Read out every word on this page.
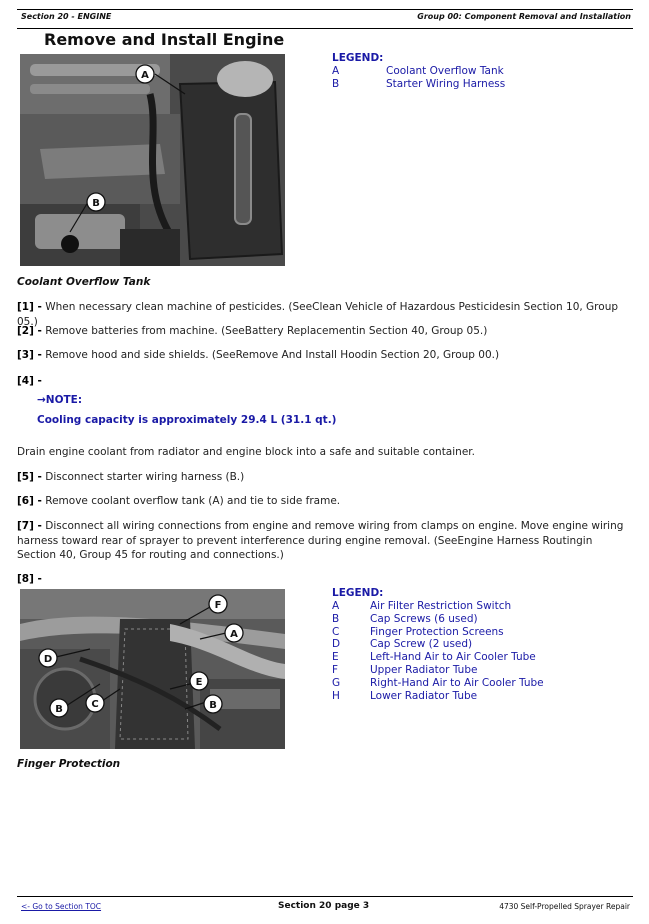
Section 20 - ENGINE	Group 00: Component Removal and Installation
Remove and Install Engine
A
B
LEGEND:
A	Coolant Overflow Tank
B	Starter Wiring Harness
Coolant Overflow Tank
[1] - When necessary clean machine of pesticides. (SeeClean Vehicle of Hazardous Pesticidesin Section 10, Group 05.)
[2] - Remove batteries from machine. (SeeBattery Replacementin Section 40, Group 05.)
[3] - Remove hood and side shields. (SeeRemove And Install Hoodin Section 20, Group 00.)
[4] -
→NOTE:
Cooling capacity is approximately 29.4 L (31.1 qt.)
Drain engine coolant from radiator and engine block into a safe and suitable container.
[5] - Disconnect starter wiring harness (B.)
[6] - Remove coolant overflow tank (A) and tie to side frame.
[7] - Disconnect all wiring connections from engine and remove wiring from clamps on engine. Move engine wiring harness toward rear of sprayer to prevent interference during engine removal. (SeeEngine Harness Routingin Section 40, Group 45 for routing and connections.)
[8] -
F
A
D
E
B	C	B
LEGEND:
A	Air Filter Restriction Switch
B	Cap Screws (6 used)
C	Finger Protection Screens
D	Cap Screw (2 used)
E	Left-Hand Air to Air Cooler Tube
F	Upper Radiator Tube
G	Right-Hand Air to Air Cooler Tube
H	Lower Radiator Tube
Finger Protection
<- Go to Section TOC	Section 20 page 3	4730 Self-Propelled Sprayer Repair
